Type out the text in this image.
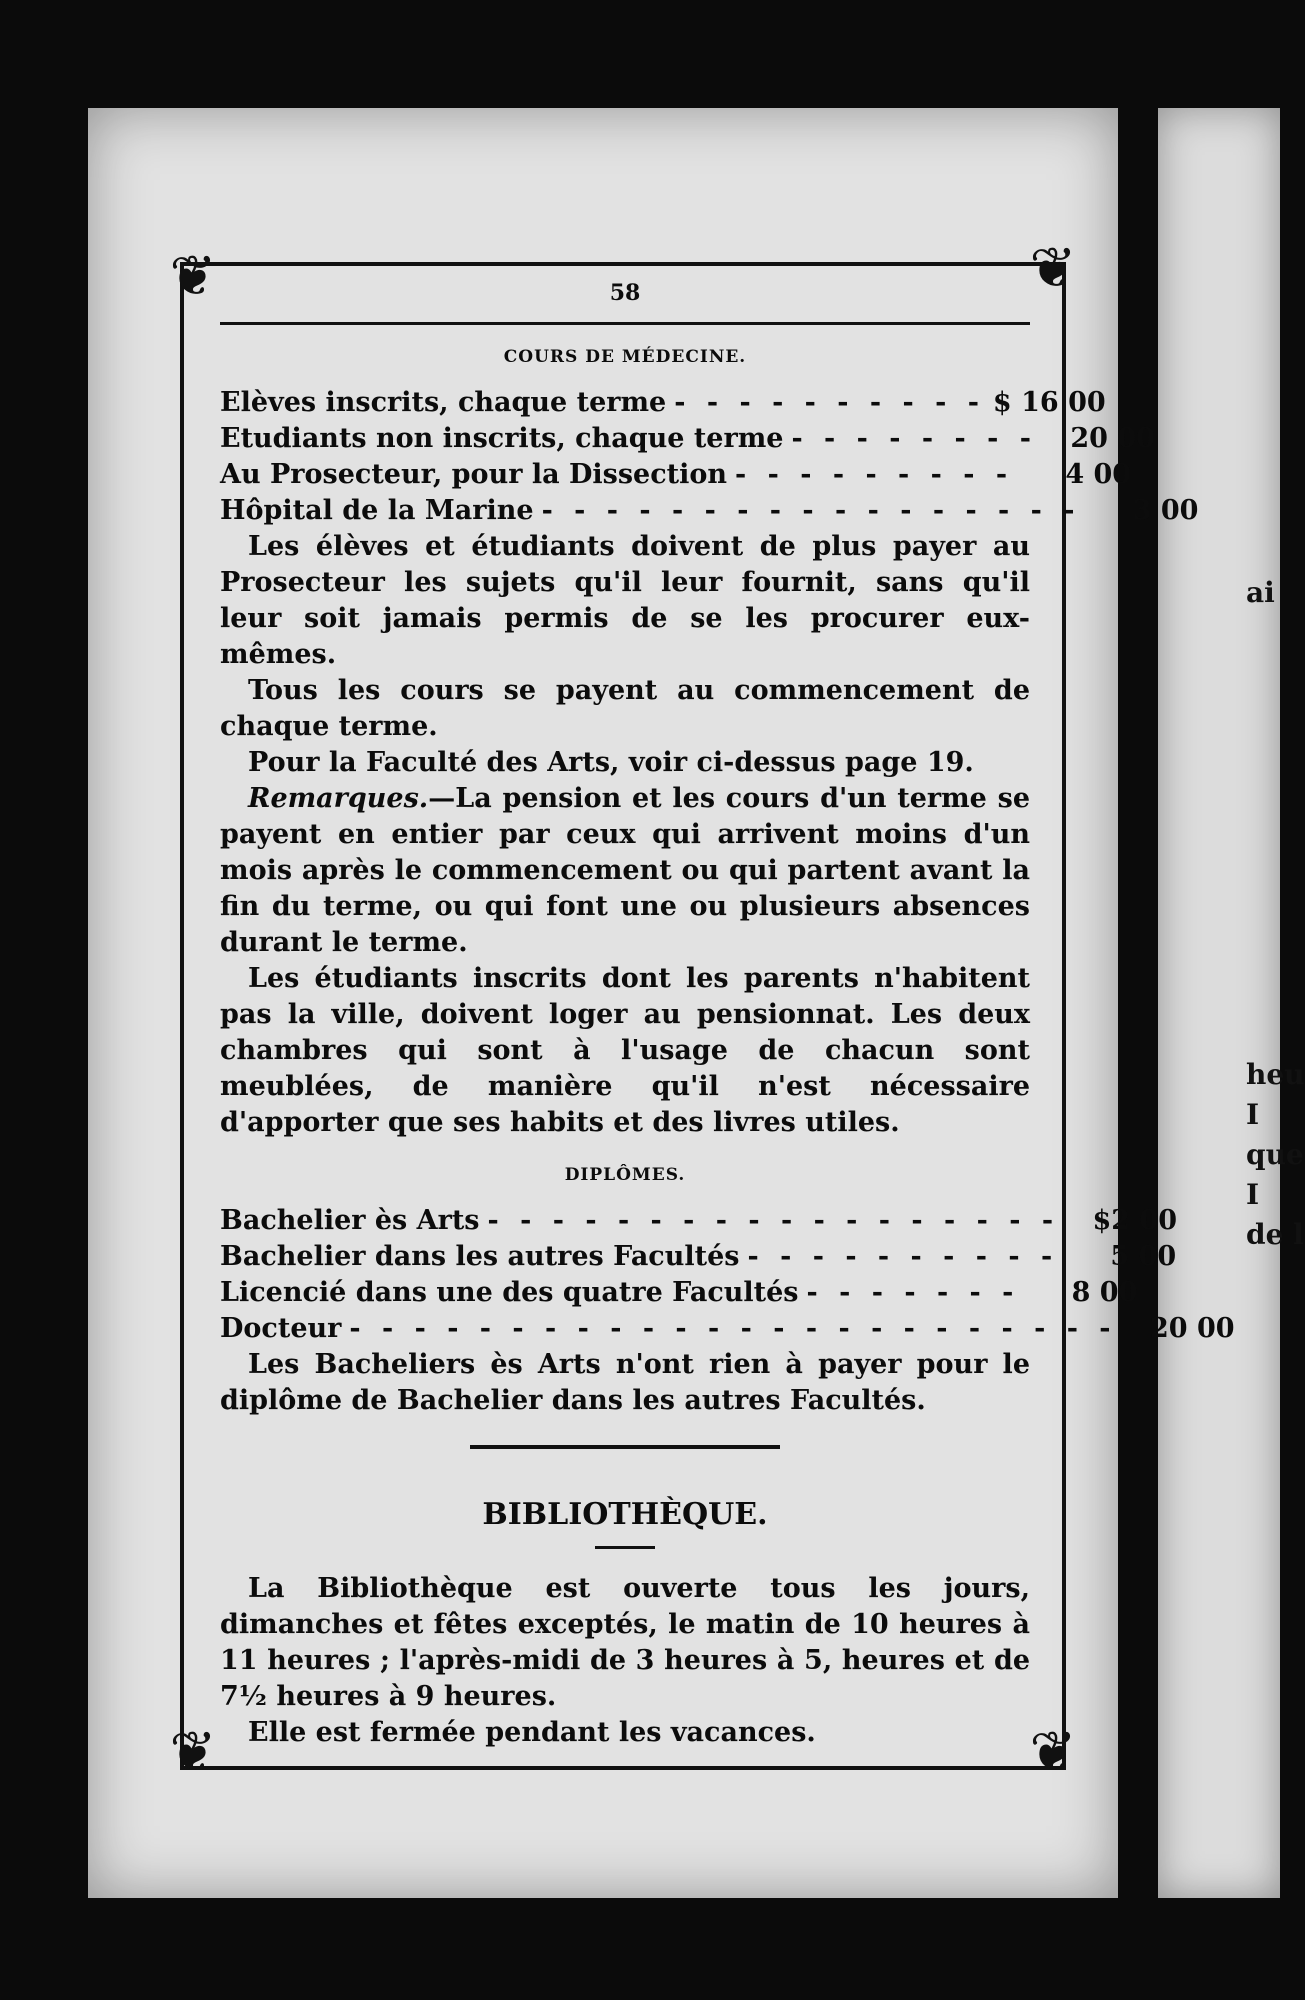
ai
heu
I
que
I
de l
❦	❦
❦	❦
58
COURS DE MÉDECINE.
Elèves inscrits, chaque terme - - - - - - - - - - $ 16 00
Etudiants non inscrits, chaque terme - - - - - - - -	20 00
Au Prosecteur, pour la Dissection - - - - - - - - -	4 00
Hôpital de la Marine - - - - - - - - - - - - - - - - -	3 00

Les élèves et étudiants doivent de plus payer au Prosecteur les sujets qu'il leur fournit, sans qu'il leur soit jamais permis de se les procurer eux-mêmes.

Tous les cours se payent au commencement de chaque terme.

Pour la Faculté des Arts, voir ci-dessus page 19.

Remarques.—La pension et les cours d'un terme se payent en entier par ceux qui arrivent moins d'un mois après le commencement ou qui partent avant la fin du terme, ou qui font une ou plusieurs absences durant le terme.

Les étudiants inscrits dont les parents n'habitent pas la ville, doivent loger au pensionnat. Les deux chambres qui sont à l'usage de chacun sont meublées, de manière qu'il n'est nécessaire d'apporter que ses habits et des livres utiles.

DIPLÔMES.
Bachelier ès Arts - - - - - - - - - - - - - - - - - -	$2 00
Bachelier dans les autres Facultés - - - - - - - - - -	5 00
Licencié dans une des quatre Facultés - - - - - - -	8 00
Docteur - - - - - - - - - - - - - - - - - - - - - - - -	20 00

Les Bacheliers ès Arts n'ont rien à payer pour le diplôme de Bachelier dans les autres Facultés.

BIBLIOTHÈQUE.

La Bibliothèque est ouverte tous les jours, dimanches et fêtes exceptés, le matin de 10 heures à 11 heures ; l'après-midi de 3 heures à 5, heures et de 7½ heures à 9 heures.

Elle est fermée pendant les vacances.
